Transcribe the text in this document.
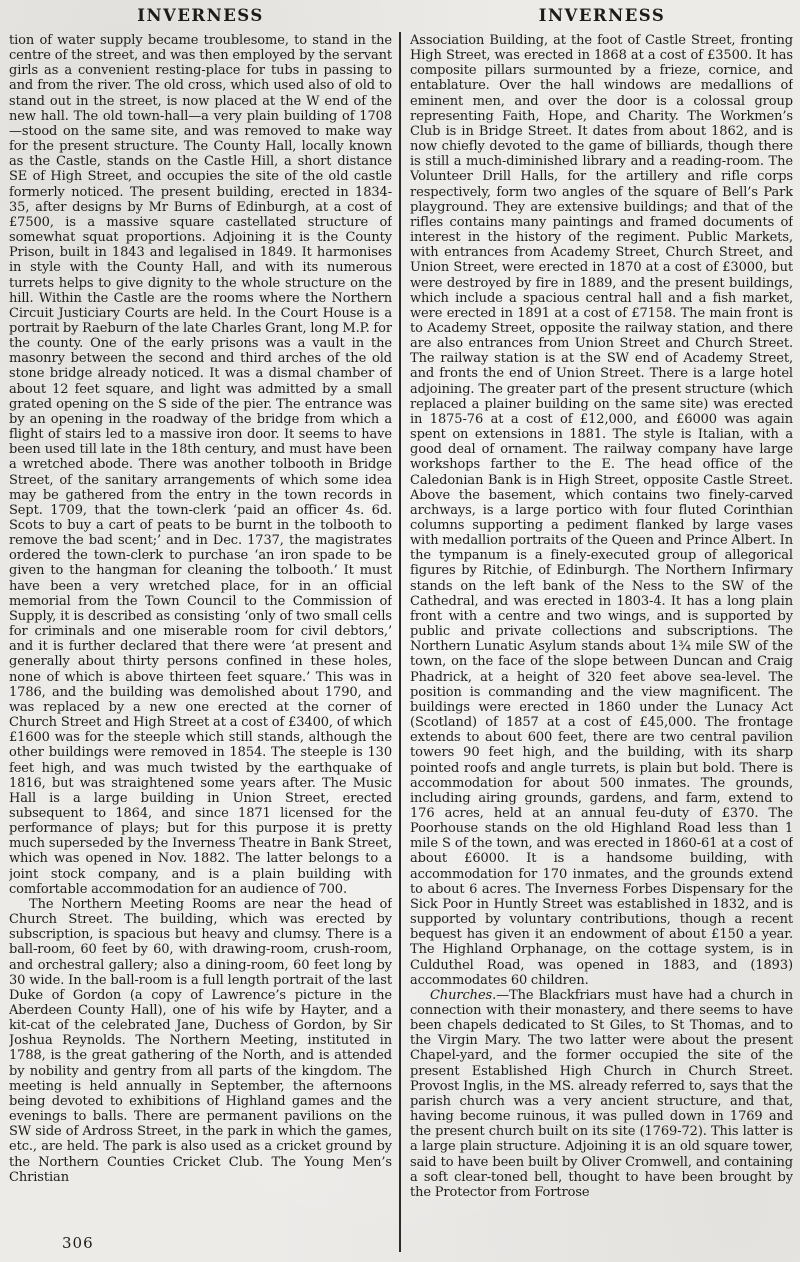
INVERNESS	INVERNESS

tion of water supply became troublesome, to stand in the centre of the street, and was then employed by the servant girls as a convenient resting-place for tubs in passing to and from the river. The old cross, which used also of old to stand out in the street, is now placed at the W end of the new hall. The old town-hall—a very plain building of 1708—stood on the same site, and was removed to make way for the present structure. The County Hall, locally known as the Castle, stands on the Castle Hill, a short distance SE of High Street, and occupies the site of the old castle formerly noticed. The present building, erected in 1834-35, after designs by Mr Burns of Edinburgh, at a cost of £7500, is a massive square castellated structure of somewhat squat proportions. Adjoining it is the County Prison, built in 1843 and legalised in 1849. It harmonises in style with the County Hall, and with its numerous turrets helps to give dignity to the whole structure on the hill. Within the Castle are the rooms where the Northern Circuit Justiciary Courts are held. In the Court House is a portrait by Raeburn of the late Charles Grant, long M.P. for the county. One of the early prisons was a vault in the masonry between the second and third arches of the old stone bridge already noticed. It was a dismal chamber of about 12 feet square, and light was admitted by a small grated opening on the S side of the pier. The entrance was by an opening in the roadway of the bridge from which a flight of stairs led to a massive iron door. It seems to have been used till late in the 18th century, and must have been a wretched abode. There was another tolbooth in Bridge Street, of the sanitary arrangements of which some idea may be gathered from the entry in the town records in Sept. 1709, that the town-clerk ‘paid an officer 4s. 6d. Scots to buy a cart of peats to be burnt in the tolbooth to remove the bad scent;’ and in Dec. 1737, the magistrates ordered the town-clerk to purchase ‘an iron spade to be given to the hangman for cleaning the tolbooth.’ It must have been a very wretched place, for in an official memorial from the Town Council to the Commission of Supply, it is described as consisting ‘only of two small cells for criminals and one miserable room for civil debtors,’ and it is further declared that there were ‘at present and generally about thirty persons confined in these holes, none of which is above thirteen feet square.’ This was in 1786, and the building was demolished about 1790, and was replaced by a new one erected at the corner of Church Street and High Street at a cost of £3400, of which £1600 was for the steeple which still stands, although the other buildings were removed in 1854. The steeple is 130 feet high, and was much twisted by the earthquake of 1816, but was straightened some years after. The Music Hall is a large building in Union Street, erected subsequent to 1864, and since 1871 licensed for the performance of plays; but for this purpose it is pretty much superseded by the Inverness Theatre in Bank Street, which was opened in Nov. 1882. The latter belongs to a joint stock company, and is a plain building with comfortable accommodation for an audience of 700.

The Northern Meeting Rooms are near the head of Church Street. The building, which was erected by subscription, is spacious but heavy and clumsy. There is a ball-room, 60 feet by 60, with drawing-room, crush-room, and orchestral gallery; also a dining-room, 60 feet long by 30 wide. In the ball-room is a full length portrait of the last Duke of Gordon (a copy of Lawrence’s picture in the Aberdeen County Hall), one of his wife by Hayter, and a kit-cat of the celebrated Jane, Duchess of Gordon, by Sir Joshua Reynolds. The Northern Meeting, instituted in 1788, is the great gathering of the North, and is attended by nobility and gentry from all parts of the kingdom. The meeting is held annually in September, the afternoons being devoted to exhibitions of Highland games and the evenings to balls. There are permanent pavilions on the SW side of Ardross Street, in the park in which the games, etc., are held. The park is also used as a cricket ground by the Northern Counties Cricket Club. The Young Men’s Christian

Association Building, at the foot of Castle Street, fronting High Street, was erected in 1868 at a cost of £3500. It has composite pillars surmounted by a frieze, cornice, and entablature. Over the hall windows are medallions of eminent men, and over the door is a colossal group representing Faith, Hope, and Charity. The Workmen’s Club is in Bridge Street. It dates from about 1862, and is now chiefly devoted to the game of billiards, though there is still a much-diminished library and a reading-room. The Volunteer Drill Halls, for the artillery and rifle corps respectively, form two angles of the square of Bell’s Park playground. They are extensive buildings; and that of the rifles contains many paintings and framed documents of interest in the history of the regiment. Public Markets, with entrances from Academy Street, Church Street, and Union Street, were erected in 1870 at a cost of £3000, but were destroyed by fire in 1889, and the present buildings, which include a spacious central hall and a fish market, were erected in 1891 at a cost of £7158. The main front is to Academy Street, opposite the railway station, and there are also entrances from Union Street and Church Street. The railway station is at the SW end of Academy Street, and fronts the end of Union Street. There is a large hotel adjoining. The greater part of the present structure (which replaced a plainer building on the same site) was erected in 1875-76 at a cost of £12,000, and £6000 was again spent on extensions in 1881. The style is Italian, with a good deal of ornament. The railway company have large workshops farther to the E. The head office of the Caledonian Bank is in High Street, opposite Castle Street. Above the basement, which contains two finely-carved archways, is a large portico with four fluted Corinthian columns supporting a pediment flanked by large vases with medallion portraits of the Queen and Prince Albert. In the tympanum is a finely-executed group of allegorical figures by Ritchie, of Edinburgh. The Northern Infirmary stands on the left bank of the Ness to the SW of the Cathedral, and was erected in 1803-4. It has a long plain front with a centre and two wings, and is supported by public and private collections and subscriptions. The Northern Lunatic Asylum stands about 1¾ mile SW of the town, on the face of the slope between Duncan and Craig Phadrick, at a height of 320 feet above sea-level. The position is commanding and the view magnificent. The buildings were erected in 1860 under the Lunacy Act (Scotland) of 1857 at a cost of £45,000. The frontage extends to about 600 feet, there are two central pavilion towers 90 feet high, and the building, with its sharp pointed roofs and angle turrets, is plain but bold. There is accommodation for about 500 inmates. The grounds, including airing grounds, gardens, and farm, extend to 176 acres, held at an annual feu-duty of £370. The Poorhouse stands on the old Highland Road less than 1 mile S of the town, and was erected in 1860-61 at a cost of about £6000. It is a handsome building, with accommodation for 170 inmates, and the grounds extend to about 6 acres. The Inverness Forbes Dispensary for the Sick Poor in Huntly Street was established in 1832, and is supported by voluntary contributions, though a recent bequest has given it an endowment of about £150 a year. The Highland Orphanage, on the cottage system, is in Culduthel Road, was opened in 1883, and (1893) accommodates 60 children.

Churches.—The Blackfriars must have had a church in connection with their monastery, and there seems to have been chapels dedicated to St Giles, to St Thomas, and to the Virgin Mary. The two latter were about the present Chapel-yard, and the former occupied the site of the present Established High Church in Church Street. Provost Inglis, in the MS. already referred to, says that the parish church was a very ancient structure, and that, having become ruinous, it was pulled down in 1769 and the present church built on its site (1769-72). This latter is a large plain structure. Adjoining it is an old square tower, said to have been built by Oliver Cromwell, and containing a soft clear-toned bell, thought to have been brought by the Protector from Fortrose

306
